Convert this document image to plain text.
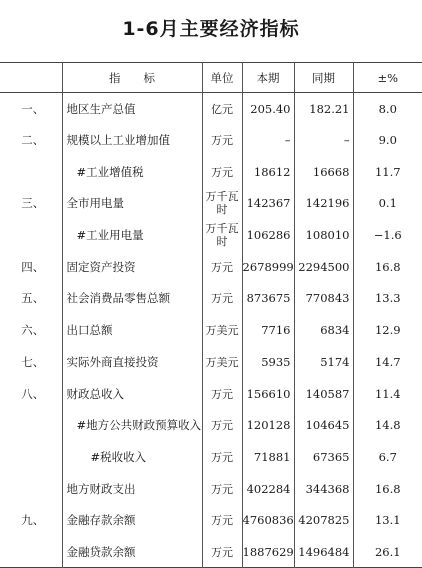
1-6月主要经济指标
	指　　标	单位	本期	同期	±%
一、	地区生产总值	亿元	205.40	182.21	8.0
二、	规模以上工业增加值	万元	–	–	9.0
	#工业增值税	万元	18612	16668	11.7
三、	全市用电量	万千瓦时	142367	142196	0.1
	#工业用电量	万千瓦时	106286	108010	−1.6
四、	固定资产投资	万元	2678999	2294500	16.8
五、	社会消费品零售总额	万元	873675	770843	13.3
六、	出口总额	万美元	7716	6834	12.9
七、	实际外商直接投资	万美元	5935	5174	14.7
八、	财政总收入	万元	156610	140587	11.4
	#地方公共财政预算收入	万元	120128	104645	14.8
	#税收收入	万元	71881	67365	6.7
	地方财政支出	万元	402284	344368	16.8
九、	金融存款余额	万元	4760836	4207825	13.1
	金融贷款余额	万元	1887629	1496484	26.1
